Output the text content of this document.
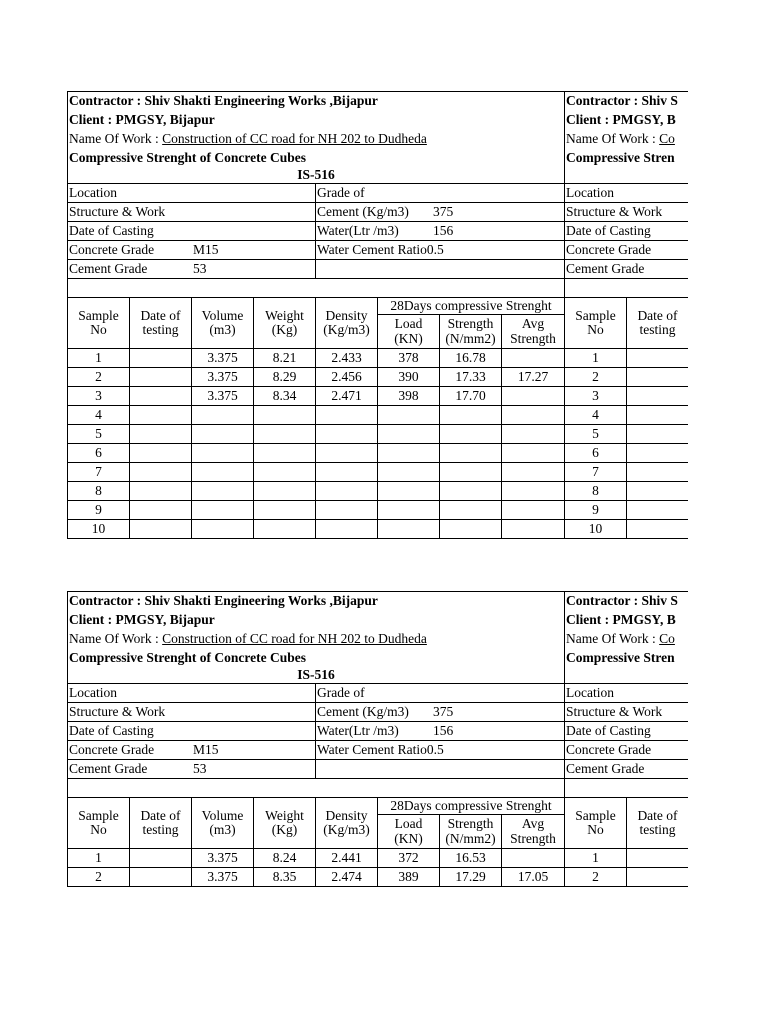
Contractor : Shiv Shakti Engineering Works ,Bijapur							
Client : PMGSY, Bijapur							
Name Of Work : Construction of CC road for NH 202 to Dudheda							
Compressive Strenght of Concrete Cubes							
IS-516							
Location				Grade of			
Structure & Work				Cement (Kg/m3) 375			
Date of Casting				Water(Ltr /m3) 156			
Concrete Grade M15				Water Cement Ratio0.5			
Cement Grade 53							

Sample No	Date of testing	Volume (m3)	Weight (Kg)	Density (Kg/m3)	28Days compressive Strenght		
					Load (KN)	Strength (N/mm2)	Avg Strength
1		3.375	8.21	2.433	378	16.78	
2		3.375	8.29	2.456	390	17.33	17.27
3		3.375	8.34	2.471	398	17.70	
4							
5							
6							
7							
8							
9							
10							
Contractor : Shiv S		
Client : PMGSY, B		
Name Of Work : Co		
Compressive Stren		

Location		
Structure & Work		
Date of Casting		
Concrete Grade		
Cement Grade		

Sample No	Date of testing	

1		
2		
3		
4		
5		
6		
7		
8		
9		
10		
Contractor : Shiv Shakti Engineering Works ,Bijapur							
Client : PMGSY, Bijapur							
Name Of Work : Construction of CC road for NH 202 to Dudheda							
Compressive Strenght of Concrete Cubes							
IS-516							
Location				Grade of			
Structure & Work				Cement (Kg/m3) 375			
Date of Casting				Water(Ltr /m3) 156			
Concrete Grade M15				Water Cement Ratio0.5			
Cement Grade 53							

Sample No	Date of testing	Volume (m3)	Weight (Kg)	Density (Kg/m3)	28Days compressive Strenght		
					Load (KN)	Strength (N/mm2)	Avg Strength
1		3.375	8.24	2.441	372	16.53	
2		3.375	8.35	2.474	389	17.29	17.05
Contractor : Shiv S		
Client : PMGSY, B		
Name Of Work : Co		
Compressive Stren		

Location		
Structure & Work		
Date of Casting		
Concrete Grade		
Cement Grade		

Sample No	Date of testing	

1		
2		
